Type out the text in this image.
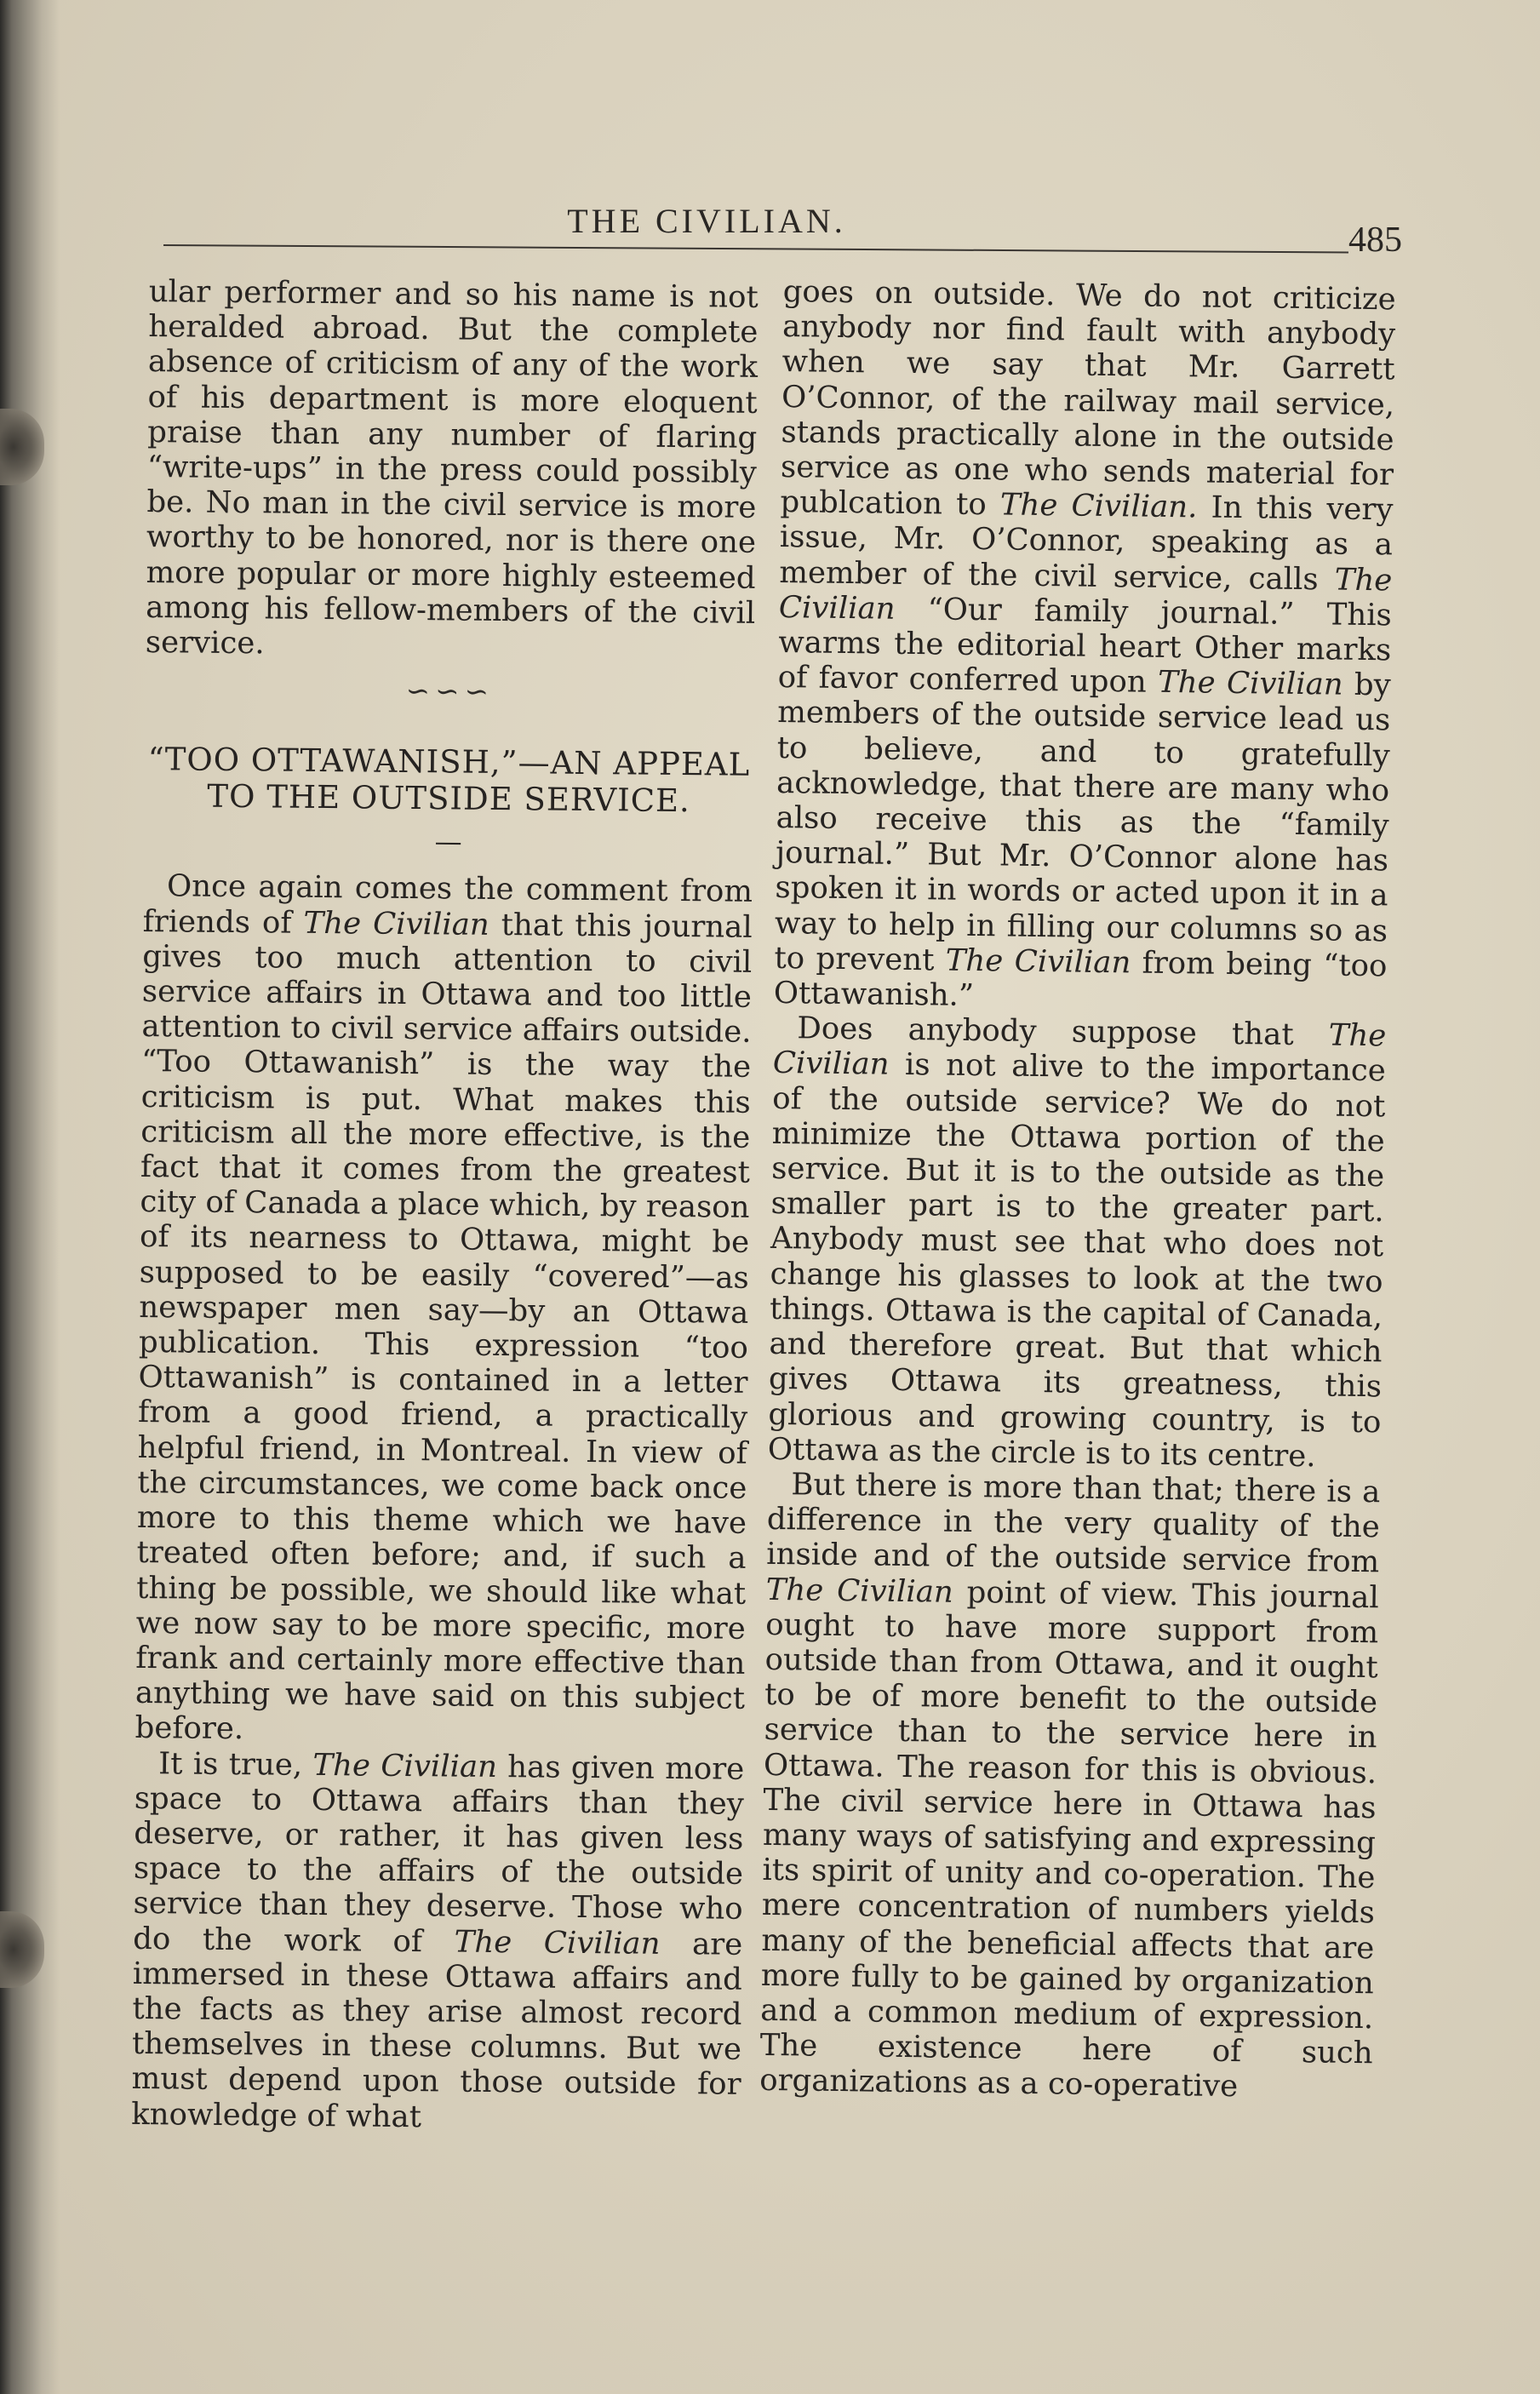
THE CIVILIAN.	485

ular performer and so his name is not heralded abroad. But the complete absence of criticism of any of the work of his department is more eloquent praise than any number of flaring “write-ups” in the press could possibly be. No man in the civil service is more worthy to be honored, nor is there one more popular or more highly esteemed among his fellow-members of the civil service.

∽∽∽
“TOO OTTAWANISH,”—AN APPEAL TO THE OUTSIDE SERVICE.
—

Once again comes the comment from friends of The Civilian that this journal gives too much attention to civil service affairs in Ottawa and too little attention to civil service affairs outside. “Too Ottawanish” is the way the criticism is put. What makes this criticism all the more effective, is the fact that it comes from the greatest city of Canada a place which, by reason of its nearness to Ottawa, might be supposed to be easily “covered”—as newspaper men say—by an Ottawa publication. This expression “too Ottawanish” is contained in a letter from a good friend, a practically helpful friend, in Montreal. In view of the circumstances, we come back once more to this theme which we have treated often before; and, if such a thing be possible, we should like what we now say to be more specific, more frank and certainly more effective than anything we have said on this subject before.

It is true, The Civilian has given more space to Ottawa affairs than they deserve, or rather, it has given less space to the affairs of the outside service than they deserve. Those who do the work of The Civilian are immersed in these Ottawa affairs and the facts as they arise almost record themselves in these columns. But we must depend upon those outside for knowledge of what

goes on outside. We do not criticize anybody nor find fault with anybody when we say that Mr. Garrett O’Connor, of the railway mail service, stands practically alone in the outside service as one who sends material for publcation to The Civilian. In this very issue, Mr. O’Connor, speaking as a member of the civil service, calls The Civilian “Our family journal.” This warms the editorial heart Other marks of favor conferred upon The Civilian by members of the outside service lead us to believe, and to gratefully acknowledge, that there are many who also receive this as the “family journal.” But Mr. O’Connor alone has spoken it in words or acted upon it in a way to help in filling our columns so as to prevent The Civilian from being “too Ottawanish.”

Does anybody suppose that The Civilian is not alive to the importance of the outside service? We do not minimize the Ottawa portion of the service. But it is to the outside as the smaller part is to the greater part. Anybody must see that who does not change his glasses to look at the two things. Ottawa is the capital of Canada, and therefore great. But that which gives Ottawa its greatness, this glorious and growing country, is to Ottawa as the circle is to its centre.

But there is more than that; there is a difference in the very quality of the inside and of the outside service from The Civilian point of view. This journal ought to have more support from outside than from Ottawa, and it ought to be of more benefit to the outside service than to the service here in Ottawa. The reason for this is obvious. The civil service here in Ottawa has many ways of satisfying and expressing its spirit of unity and co-operation. The mere concentration of numbers yields many of the beneficial affects that are more fully to be gained by organization and a common medium of expression. The existence here of such organizations as a co-operative
